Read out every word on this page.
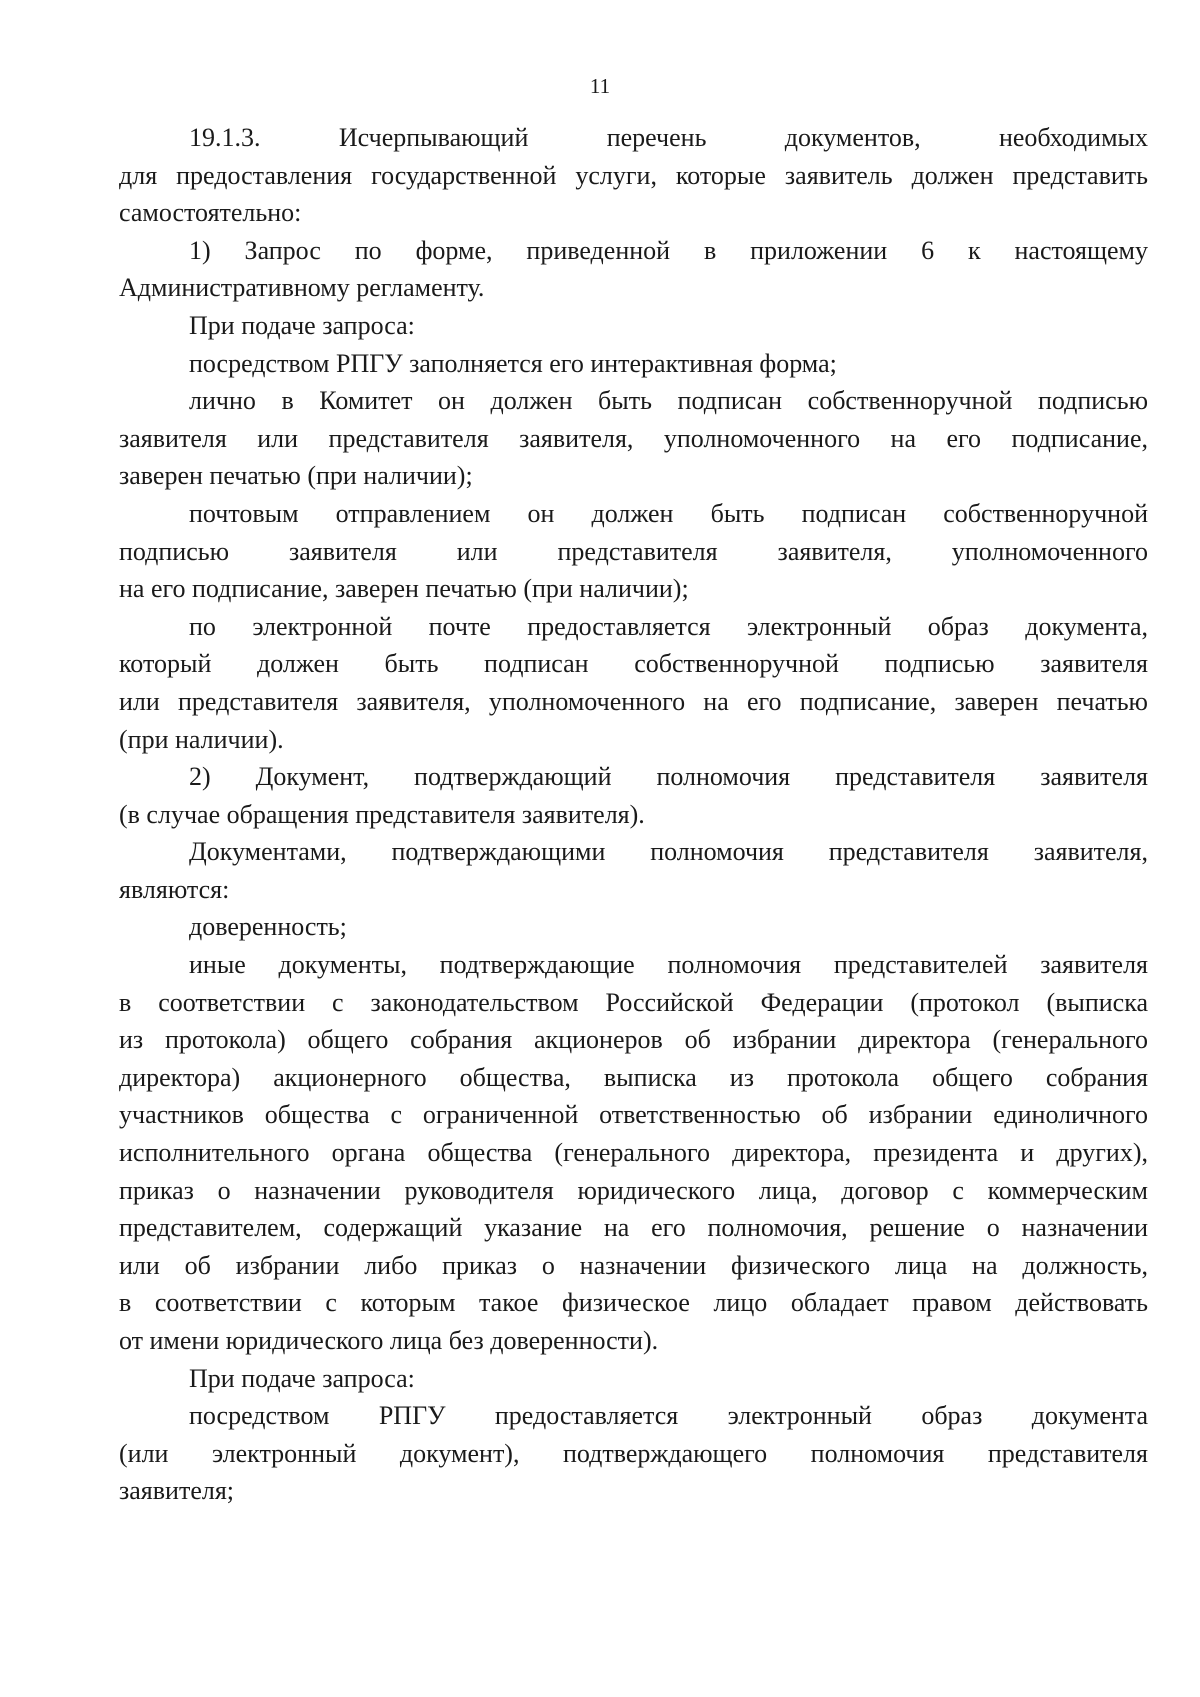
11
19.1.3. Исчерпывающий перечень документов, необходимых
для предоставления государственной услуги, которые заявитель должен представить
самостоятельно:
1) Запрос по форме, приведенной в приложении 6 к настоящему
Административному регламенту.
При подаче запроса:
посредством РПГУ заполняется его интерактивная форма;
лично в Комитет он должен быть подписан собственноручной подписью
заявителя или представителя заявителя, уполномоченного на его подписание,
заверен печатью (при наличии);
почтовым отправлением он должен быть подписан собственноручной
подписью заявителя или представителя заявителя, уполномоченного
на его подписание, заверен печатью (при наличии);
по электронной почте предоставляется электронный образ документа,
который должен быть подписан собственноручной подписью заявителя
или представителя заявителя, уполномоченного на его подписание, заверен печатью
(при наличии).
2) Документ, подтверждающий полномочия представителя заявителя
(в случае обращения представителя заявителя).
Документами, подтверждающими полномочия представителя заявителя,
являются:
доверенность;
иные документы, подтверждающие полномочия представителей заявителя
в соответствии с законодательством Российской Федерации (протокол (выписка
из протокола) общего собрания акционеров об избрании директора (генерального
директора) акционерного общества, выписка из протокола общего собрания
участников общества с ограниченной ответственностью об избрании единоличного
исполнительного органа общества (генерального директора, президента и других),
приказ о назначении руководителя юридического лица, договор с коммерческим
представителем, содержащий указание на его полномочия, решение о назначении
или об избрании либо приказ о назначении физического лица на должность,
в соответствии с которым такое физическое лицо обладает правом действовать
от имени юридического лица без доверенности).
При подаче запроса:
посредством РПГУ предоставляется электронный образ документа
(или электронный документ), подтверждающего полномочия представителя
заявителя;
